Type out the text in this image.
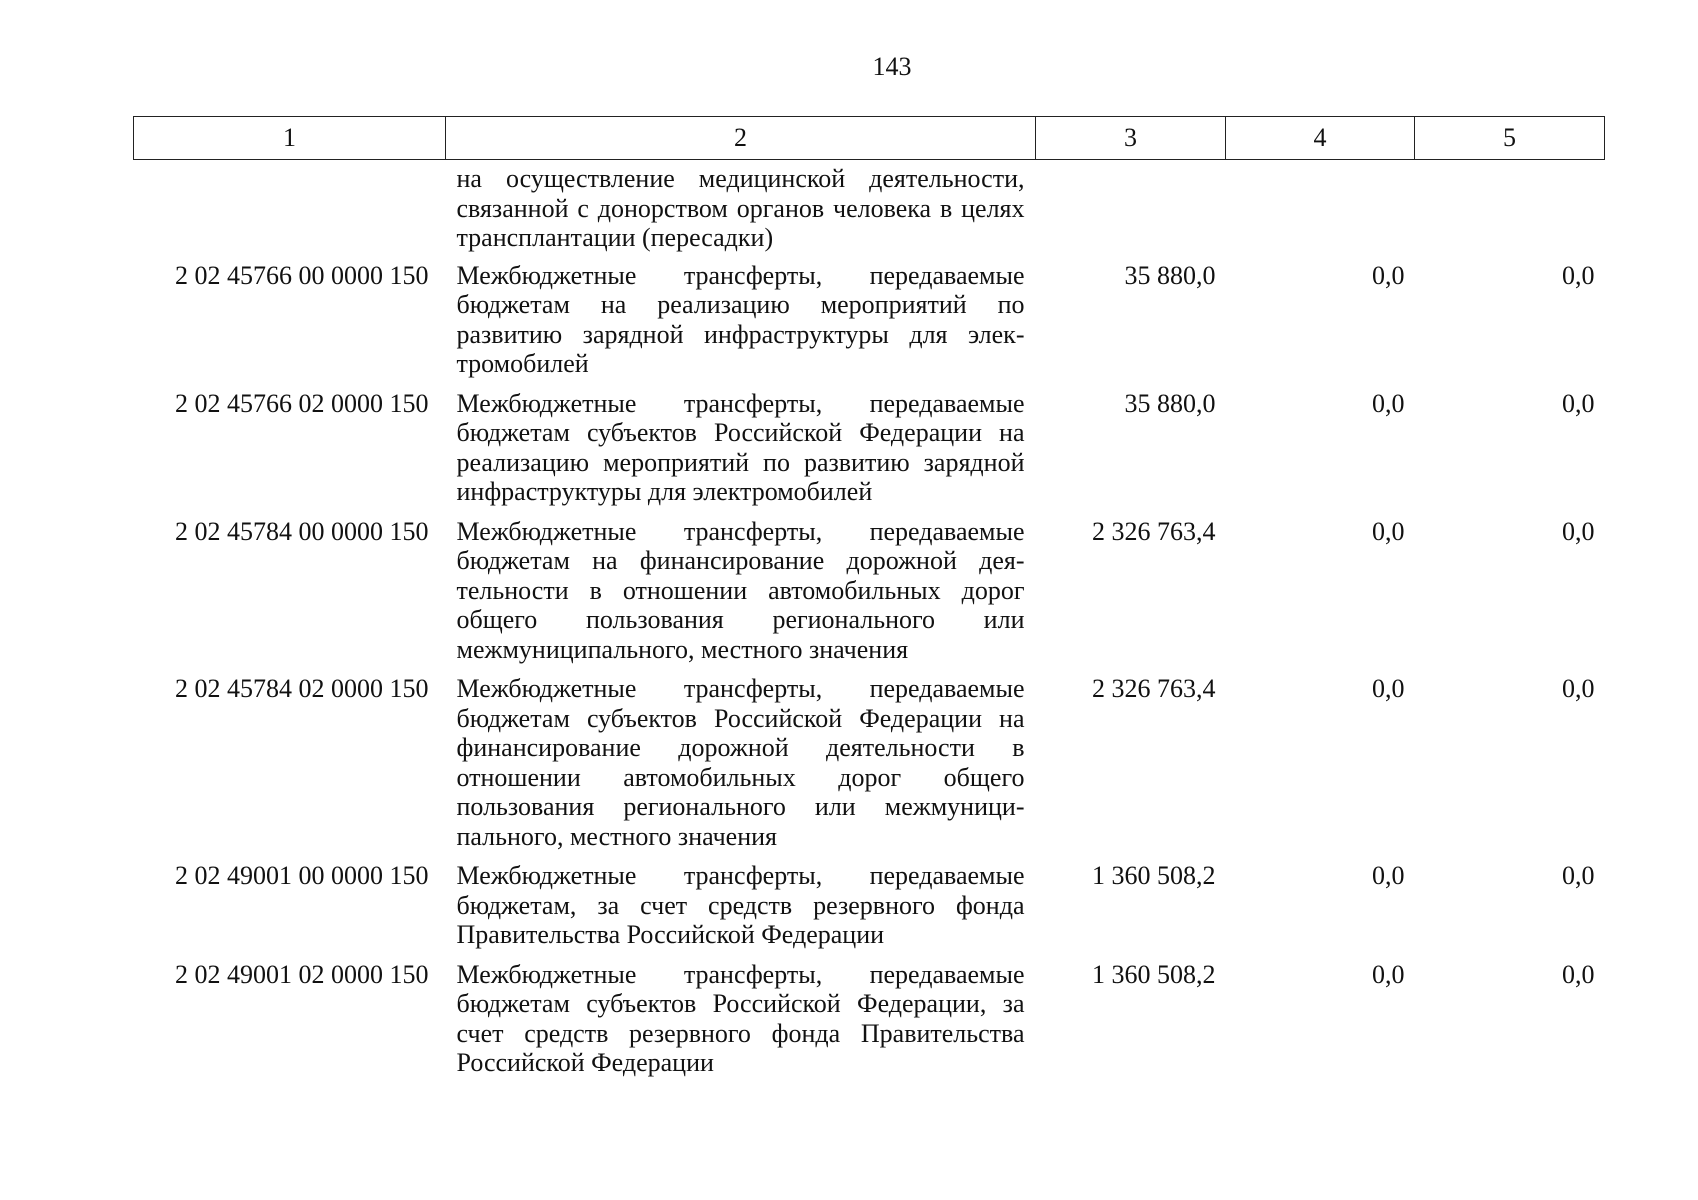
143
1	2	3	4	5
	на осуществление медицинской деятельности, связанной с донорством органов человека в целях трансплантации (пересадки)			
2 02 45766 00 0000 150	Межбюджетные трансферты, передаваемые бюджетам на реализацию мероприятий по развитию зарядной инфраструктуры для электромобилей	35 880,0	0,0	0,0
2 02 45766 02 0000 150	Межбюджетные трансферты, передаваемые бюджетам субъектов Российской Федерации на реализацию мероприятий по развитию зарядной инфраструктуры для электромобилей	35 880,0	0,0	0,0
2 02 45784 00 0000 150	Межбюджетные трансферты, передаваемые бюджетам на финансирование дорожной деятельности в отношении автомобильных дорог общего пользования регионального или межмуниципального, местного значения	2 326 763,4	0,0	0,0
2 02 45784 02 0000 150	Межбюджетные трансферты, передаваемые бюджетам субъектов Российской Федерации на финансирование дорожной деятельности в отношении автомобильных дорог общего пользования регионального или межмуниципального, местного значения	2 326 763,4	0,0	0,0
2 02 49001 00 0000 150	Межбюджетные трансферты, передаваемые бюджетам, за счет средств резервного фонда Правительства Российской Федерации	1 360 508,2	0,0	0,0
2 02 49001 02 0000 150	Межбюджетные трансферты, передаваемые бюджетам субъектов Российской Федерации, за счет средств резервного фонда Правительства Российской Федерации	1 360 508,2	0,0	0,0
